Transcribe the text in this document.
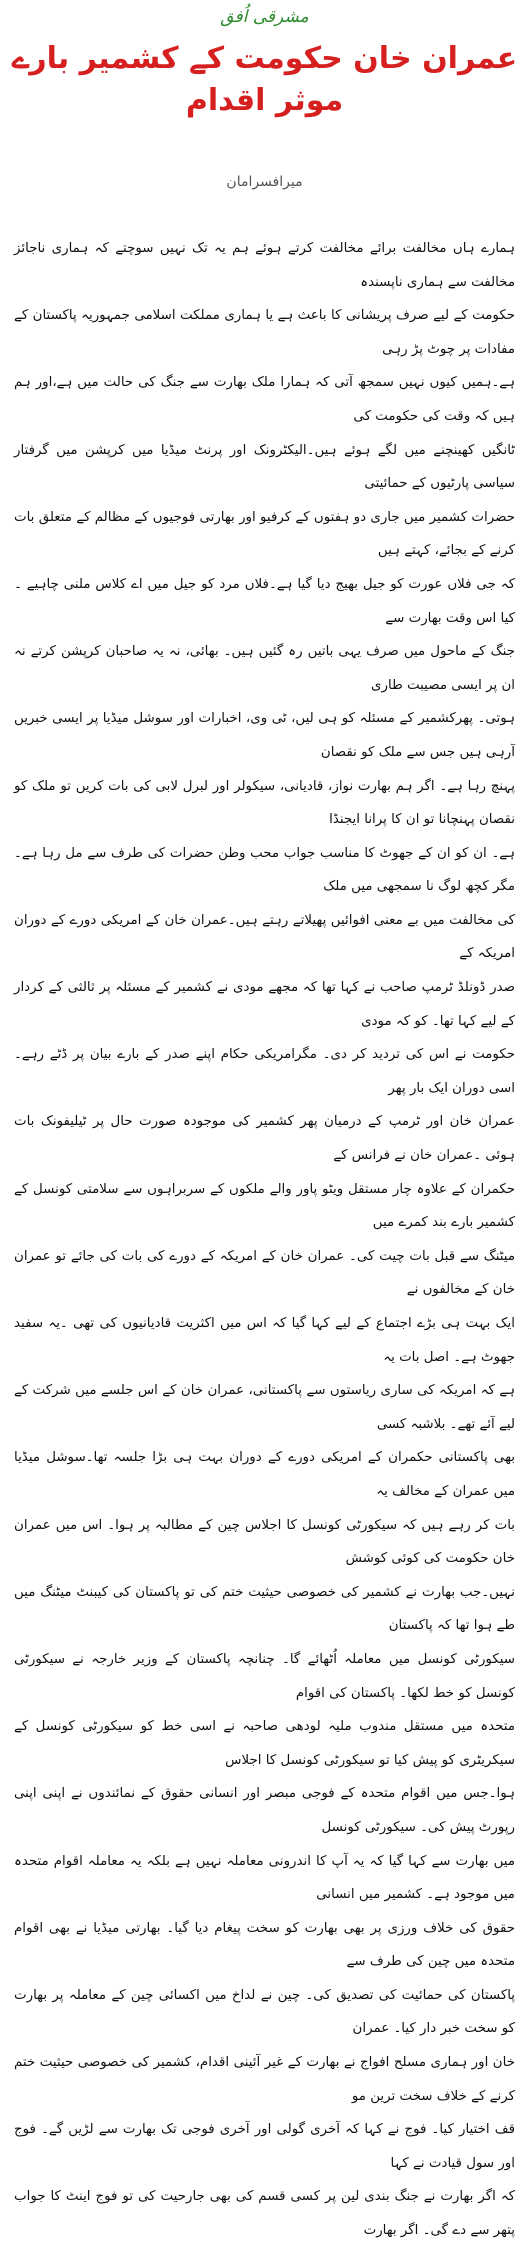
مشرقی اُفق
عمران خان حکومت کے کشمیر بارے موثر اقدام
میرافسرامان

ہمارے ہاں مخالفت برائے مخالفت کرتے ہوئے ہم یہ تک نہیں سوچتے کہ ہماری ناجائز مخالفت سے ہماری ناپسندہ

حکومت کے لیے صرف پریشانی کا باعث ہے یا ہماری مملکت اسلامی جمہوریہ پاکستان کے مفادات پر چوٹ پڑ رہی

ہے۔ہمیں کیوں نہیں سمجھ آتی کہ ہمارا ملک بھارت سے جنگ کی حالت میں ہے،اور ہم ہیں کہ وقت کی حکومت کی

ٹانگیں کھینچنے میں لگے ہوئے ہیں۔الیکٹرونک اور پرنٹ میڈیا میں کرپشن میں گرفتار سیاسی پارٹیوں کے حمائیتی

حضرات کشمیر میں جاری دو ہفتوں کے کرفیو اور بھارتی فوجیوں کے مظالم کے متعلق بات کرنے کے بجائے، کہتے ہیں

کہ جی فلاں عورت کو جیل بھیج دیا گیا ہے۔فلاں مرد کو جیل میں اے کلاس ملنی چاہیے ۔کیا اس وقت بھارت سے

جنگ کے ماحول میں صرف یہی باتیں رہ گئیں ہیں۔ بھائی، نہ یہ صاحبان کرپشن کرتے نہ ان پر ایسی مصیبت طاری

ہوتی۔ پھرکشمیر کے مسئلہ کو ہی لیں، ٹی وی، اخبارات اور سوشل میڈیا پر ایسی خبریں آرہی ہیں جس سے ملک کو نقصان

پہنچ رہا ہے۔ اگر ہم بھارت نواز، قادیانی، سیکولر اور لبرل لابی کی بات کریں تو ملک کو نقصان پہنچانا تو ان کا پرانا ایجنڈا

ہے۔ ان کو ان کے جھوٹ کا مناسب جواب محب وطن حضرات کی طرف سے مل رہا ہے۔ مگر کچھ لوگ نا سمجھی میں ملک

کی مخالفت میں بے معنی افوائیں پھیلاتے رہتے ہیں۔عمران خان کے امریکی دورے کے دوران امریکہ کے

صدر ڈونلڈ ٹرمپ صاحب نے کہا تھا کہ مجھے مودی نے کشمیر کے مسئلہ پر ثالثی کے کردار کے لیے کہا تھا۔ کو کہ مودی

حکومت نے اس کی تردید کر دی۔ مگرامریکی حکام اپنے صدر کے بارے بیان پر ڈٹے رہے۔ اسی دوران ایک بار پھر

عمران خان اور ٹرمپ کے درمیان پھر کشمیر کی موجودہ صورت حال پر ٹیلیفونک بات ہوئی ۔عمران خان نے فرانس کے

حکمران کے علاوہ چار مستقل ویٹو پاور والے ملکوں کے سربراہوں سے سلامتی کونسل کے کشمیر بارے بند کمرے میں

میٹنگ سے قبل بات چیت کی۔ عمران خان کے امریکہ کے دورے کی بات کی جائے تو عمران خان کے مخالفوں نے

ایک بہت ہی بڑے اجتماع کے لیے کہا گیا کہ اس میں اکثریت قادیانیوں کی تھی ۔یہ سفید جھوٹ ہے۔ اصل بات یہ

ہے کہ امریکہ کی ساری ریاستوں سے پاکستانی، عمران خان کے اس جلسے میں شرکت کے لیے آئے تھے۔ بلاشبہ کسی

بھی پاکستانی حکمران کے امریکی دورے کے دوران بہت ہی بڑا جلسہ تھا۔سوشل میڈیا میں عمران کے مخالف یہ

بات کر رہے ہیں کہ سیکورٹی کونسل کا اجلاس چین کے مطالبہ پر ہوا۔ اس میں عمران خان حکومت کی کوئی کوشش

نہیں۔جب بھارت نے کشمیر کی خصوصی حیثیت ختم کی تو پاکستان کی کیبنٹ میٹنگ میں طے ہوا تھا کہ پاکستان

سیکورٹی کونسل میں معاملہ اُٹھائے گا۔ چنانچہ پاکستان کے وزیر خارجہ نے سیکورٹی کونسل کو خط لکھا۔ پاکستان کی اقوام

متحدہ میں مستقل مندوب ملیہ لودھی صاحبہ نے اسی خط کو سیکورٹی کونسل کے سیکریٹری کو پیش کیا تو سیکورٹی کونسل کا اجلاس

ہوا۔جس میں اقوام متحدہ کے فوجی مبصر اور انسانی حقوق کے نمائندوں نے اپنی اپنی رپورٹ پیش کی۔ سیکورٹی کونسل

میں بھارت سے کہا گیا کہ یہ آپ کا اندرونی معاملہ نہیں ہے بلکہ یہ معاملہ اقوام متحدہ میں موجود ہے۔ کشمیر میں انسانی

حقوق کی خلاف ورزی پر بھی بھارت کو سخت پیغام دیا گیا۔ بھارتی میڈیا نے بھی اقوام متحدہ میں چین کی طرف سے

پاکستان کی حمائیت کی تصدیق کی۔ چین نے لداخ میں اکسائی چین کے معاملہ پر بھارت کو سخت خبر دار کیا۔ عمران

خان اور ہماری مسلح افواج نے بھارت کے غیر آئینی اقدام، کشمیر کی خصوصی حیثیت ختم کرنے کے خلاف سخت ترین مو

قف اختیار کیا۔ فوج نے کہا کہ آخری گولی اور آخری فوجی تک بھارت سے لڑیں گے۔ فوج اور سول قیادت نے کہا

کہ اگر بھارت نے جنگ بندی لین پر کسی قسم کی بھی جارحیت کی تو فوج اینٹ کا جواب پتھر سے دے گی۔ اگر بھارت
